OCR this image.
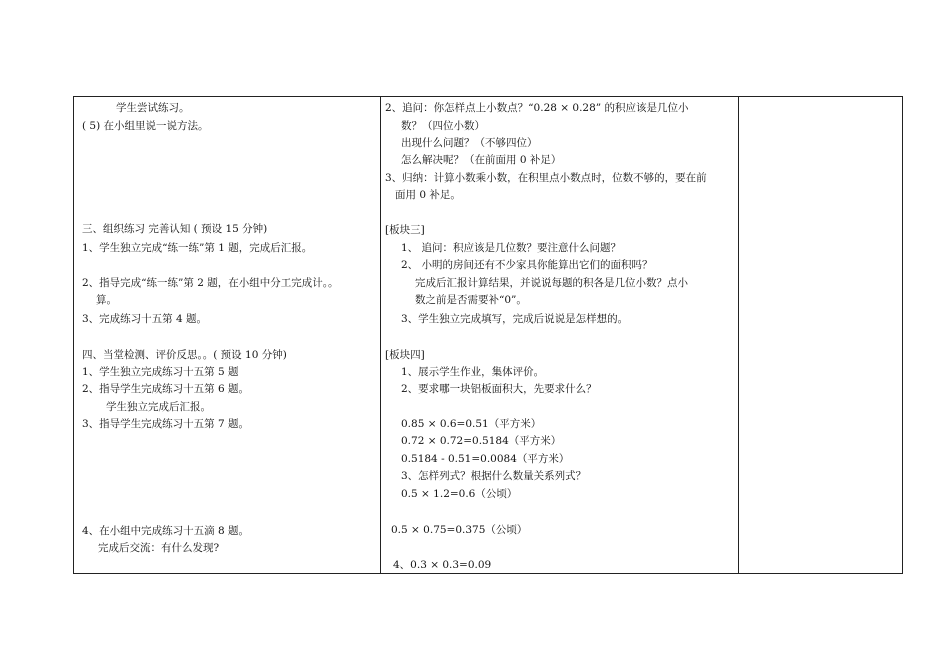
学生尝试练习。
( 5) 在小组里说一说方法。
三、组织练习 完善认知 ( 预设 15 分钟)
1、学生独立完成“练一练”第 1 题，完成后汇报。
2、指导完成“练一练”第 2 题，在小组中分工完成计。。
算。
3、完成练习十五第 4 题。
四、当堂检测、评价反思。。( 预设 10 分钟)
1、学生独立完成练习十五第 5 题
2、指导学生完成练习十五第 6 题。
学生独立完成后汇报。
3、指导学生完成练习十五第 7 题。
4、在小组中完成练习十五滴 8 题。
完成后交流：有什么发现?
2、追问：你怎样点上小数点？“0.28 × 0.28” 的积应该是几位小
数？（四位小数）
出现什么问题？（不够四位）
怎么解决呢？（在前面用 0 补足）
3、归纳：计算小数乘小数，在积里点小数点时，位数不够的，要在前
面用 0 补足。
[板块三]
1、 追问：积应该是几位数？要注意什么问题？
2、 小明的房间还有不少家具你能算出它们的面积吗？
完成后汇报计算结果，并说说每题的积各是几位小数？点小
数之前是否需要补“0”。
3、学生独立完成填写，完成后说说是怎样想的。
[板块四]
1、展示学生作业，集体评价。
2、要求哪一块铝板面积大，先要求什么？
0.85 × 0.6=0.51（平方米）
0.72 × 0.72=0.5184（平方米）
0.5184 - 0.51=0.0084（平方米）
3、怎样列式？根据什么数量关系列式？
0.5 × 1.2=0.6（公顷）
0.5 × 0.75=0.375（公顷）
4、0.3 × 0.3=0.09
